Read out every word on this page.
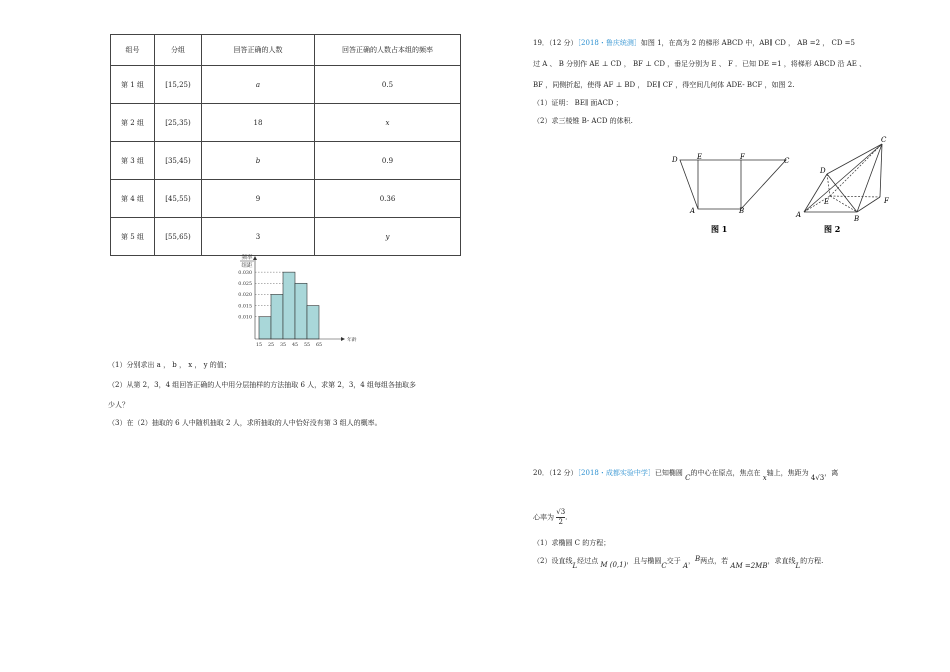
组号	分组	回答正确的人数	回答正确的人数占本组的频率
第 1 组	[15,25)	a	0.5
第 2 组	[25,35)	18	x
第 3 组	[35,45)	b	0.9
第 4 组	[45,55)	9	0.36
第 5 组	[55,65)	3	y
0.030
0.025
0.020
0.015
0.010
15 25 35 45 55 65
年龄
频率
组距
（1）分别求出 a ， b ， x ， y 的值；
（2）从第 2，3，4 组回答正确的人中用分层抽样的方法抽取 6 人，求第 2，3，4 组每组各抽取多
少人？
（3）在（2）抽取的 6 人中随机抽取 2 人，求所抽取的人中恰好没有第 3 组人的概率。
19．（12 分）［2018・鲁庆统测］如图 1，在高为 2 的梯形 ABCD 中，AB∥ CD ， AB =2 ， CD =5
过 A 、 B 分别作 AE ⊥ CD ， BF ⊥ CD ，垂足分别为 E 、 F ．已知 DE =1 ，将梯形 ABCD 沿 AE 、
BF ，同侧折起，使得 AF ⊥ BD ， DE∥ CF ，得空间几何体 ADE‑ BCF ，如图 2.
（1）证明： BE∥ 面ACD ；
（2）求三棱锥 B‑ ACD 的体积.
D	E	F	C
A	B
图 1
C
D
E
A	B
F
图 2
20．（12 分）［2018・成都实验中学］已知椭圆 C的中心在原点，焦点在 x轴上，焦距为 4√3，离
心率为 $\frac{√3}{2}$ .
（1）求椭圆 C 的方程；
（2）设直线L经过点 M (0,1)，且与椭圆C交于 A，B两点，若 AM =2MB，求直线L的方程.
